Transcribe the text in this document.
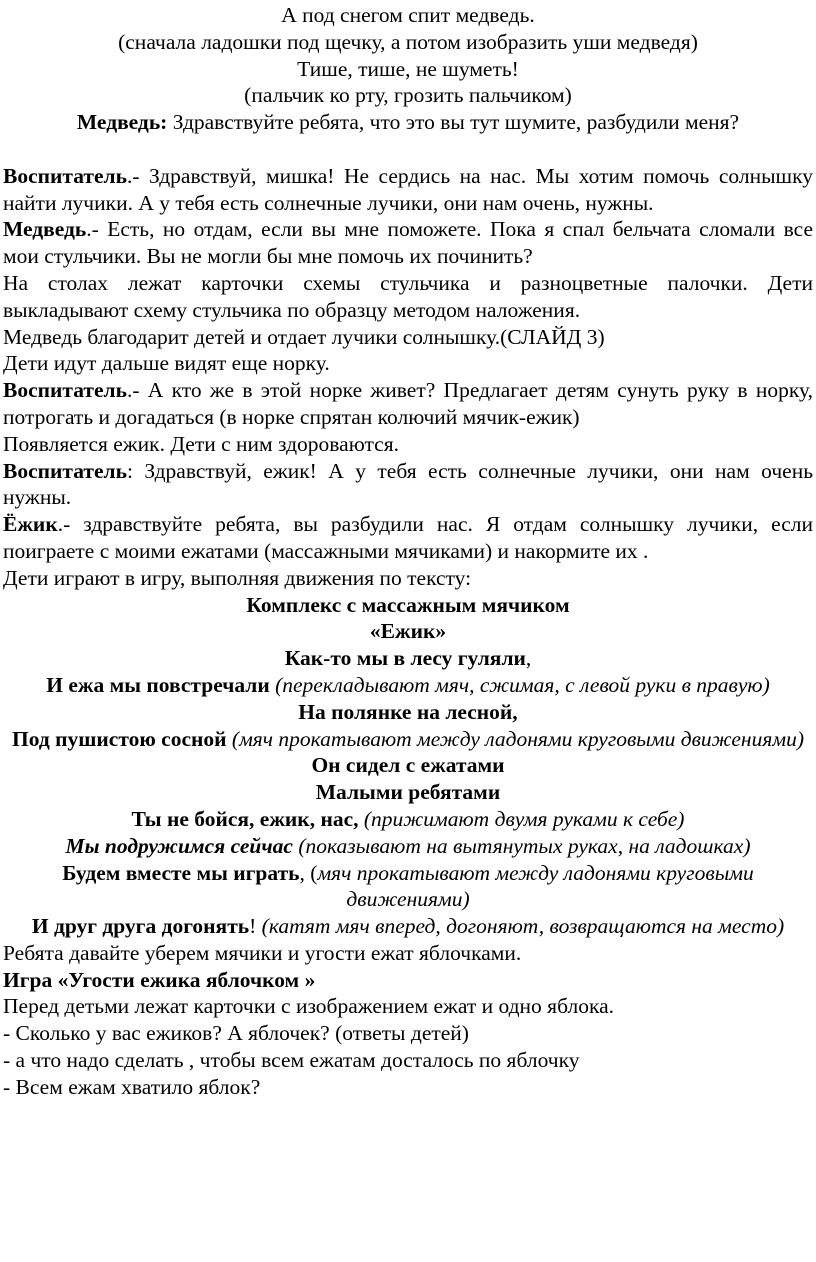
А под снегом спит медведь.

(сначала ладошки под щечку, а потом изобразить уши медведя)

Тише, тише, не шуметь!

(пальчик ко рту, грозить пальчиком)

Медведь: Здравствуйте ребята, что это вы тут шумите, разбудили меня?

Воспитатель.- Здравствуй, мишка! Не сердись на нас. Мы хотим помочь солнышку найти лучики. А у тебя есть солнечные лучики, они нам очень, нужны.

Медведь.- Есть, но отдам, если вы мне поможете. Пока я спал бельчата сломали все мои стульчики. Вы не могли бы мне помочь их починить?

На столах лежат карточки схемы стульчика и разноцветные палочки. Дети выкладывают схему стульчика по образцу методом наложения.

Медведь благодарит детей и отдает лучики солнышку.(СЛАЙД 3)

Дети идут дальше видят еще норку.

Воспитатель.- А кто же в этой норке живет? Предлагает детям сунуть руку в норку, потрогать и догадаться (в норке спрятан колючий мячик-ежик)

Появляется ежик. Дети с ним здороваются.

Воспитатель: Здравствуй, ежик! А у тебя есть солнечные лучики, они нам очень нужны.

Ёжик.- здравствуйте ребята, вы разбудили нас. Я отдам солнышку лучики, если поиграете с моими ежатами (массажными мячиками) и накормите их .

Дети играют в игру, выполняя движения по тексту:

Комплекс с массажным мячиком

«Ежик»

Как-то мы в лесу гуляли,

И ежа мы повстречали (перекладывают мяч, сжимая, с левой руки в правую)

На полянке на лесной,

Под пушистою сосной (мяч прокатывают между ладонями круговыми движениями)

Он сидел с ежатами

Малыми ребятами

Ты не бойся, ежик, нас, (прижимают двумя руками к себе)

Мы подружимся сейчас (показывают на вытянутых руках, на ладошках)

Будем вместе мы играть, (мяч прокатывают между ладонями круговыми движениями)

И друг друга догонять! (катят мяч вперед, догоняют, возвращаются на место)

Ребята давайте уберем мячики и угости ежат яблочками.

Игра «Угости ежика яблочком »

Перед детьми лежат карточки с изображением ежат и одно яблока.

- Сколько у вас ежиков? А яблочек? (ответы детей)

- а что надо сделать , чтобы всем ежатам досталось по яблочку

- Всем ежам хватило яблок?
